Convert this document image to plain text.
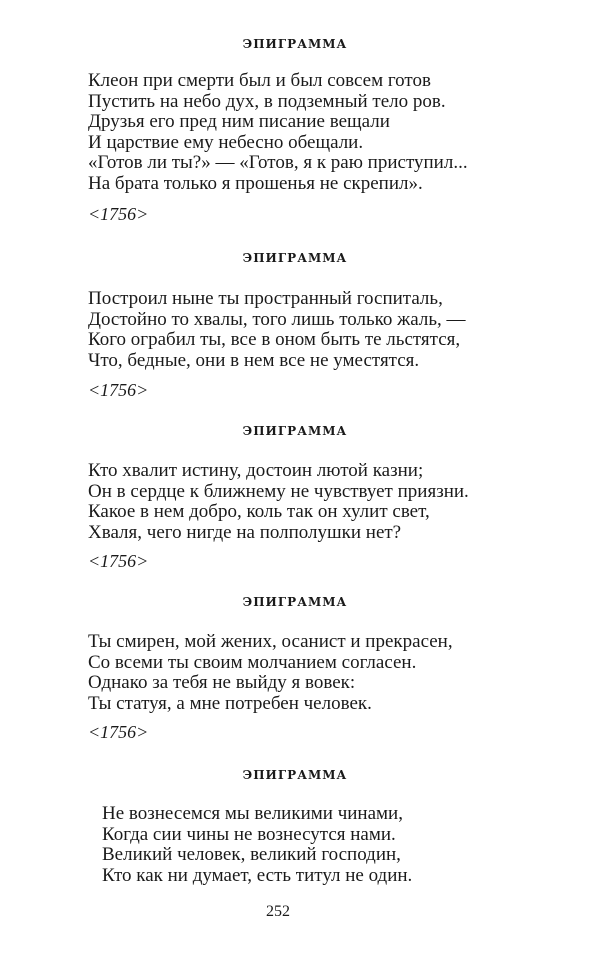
ЭПИГРАММА
Клеон при смерти был и был совсем готов
Пустить на небо дух, в подземный тело ров.
Друзья его пред ним писание вещали
И царствие ему небесно обещали.
«Готов ли ты?» — «Готов, я к раю приступил...
На брата только я прошенья не скрепил».
<1756>
ЭПИГРАММА
Построил ныне ты пространный госпиталь,
Достойно то хвалы, того лишь только жаль, —
Кого ограбил ты, все в оном быть те льстятся,
Что, бедные, они в нем все не уместятся.
<1756>
ЭПИГРАММА
Кто хвалит истину, достоин лютой казни;
Он в сердце к ближнему не чувствует приязни.
Какое в нем добро, коль так он хулит свет,
Хваля, чего нигде на полполушки нет?
<1756>
ЭПИГРАММА
Ты смирен, мой жених, осанист и прекрасен,
Со всеми ты своим молчанием согласен.
Однако за тебя не выйду я вовек:
Ты статуя, а мне потребен человек.
<1756>
ЭПИГРАММА
Не вознесемся мы великими чинами,
Когда сии чины не вознесутся нами.
Великий человек, великий господин,
Кто как ни думает, есть титул не один.
252
